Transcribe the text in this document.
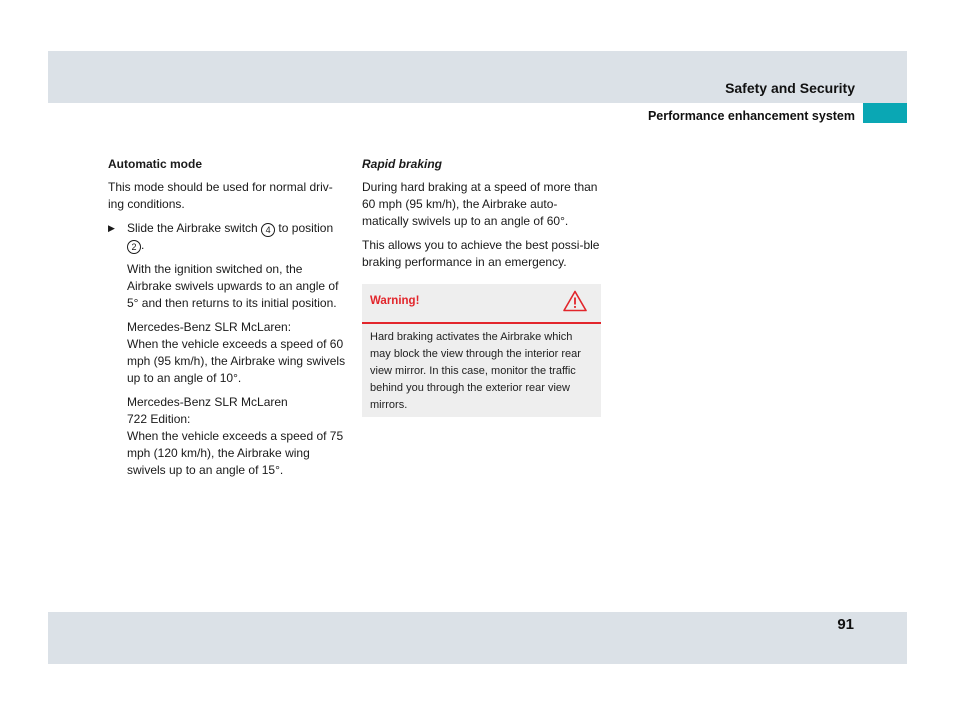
Safety and Security
Performance enhancement system
Automatic mode

This mode should be used for normal driv-ing conditions.

▶ Slide the Airbrake switch 4 to position 2 .

With the ignition switched on, the Airbrake swivels upwards to an angle of 5° and then returns to its initial position.

Mercedes-Benz SLR McLaren:
When the vehicle exceeds a speed of 60 mph (95 km/h), the Airbrake wing swivels up to an angle of 10°.
Mercedes-Benz SLR McLaren
722 Edition:
When the vehicle exceeds a speed of 75 mph (120 km/h), the Airbrake wing swivels up to an angle of 15°.
Rapid braking

During hard braking at a speed of more than 60 mph (95 km/h), the Airbrake auto-matically swivels up to an angle of 60°.

This allows you to achieve the best possi-ble braking performance in an emergency.

Warning!
Hard braking activates the Airbrake which may block the view through the interior rear view mirror. In this case, monitor the traffic behind you through the exterior rear view mirrors.
91
